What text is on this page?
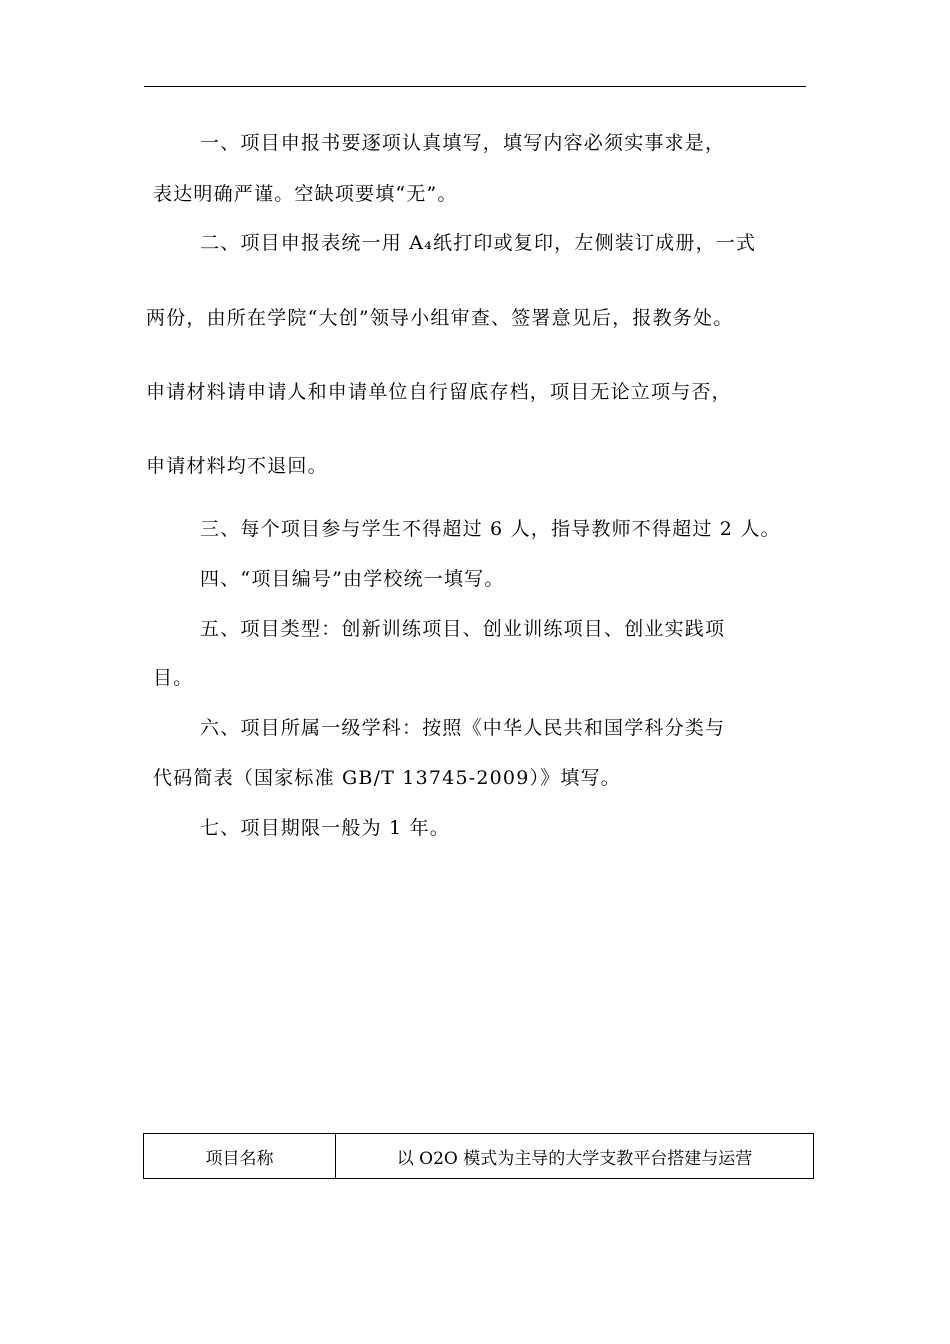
一、项目申报书要逐项认真填写，填写内容必须实事求是，
表达明确严谨。空缺项要填“无”。
二、项目申报表统一用 A₄纸打印或复印，左侧装订成册，一式
两份，由所在学院“大创”领导小组审查、签署意见后，报教务处。
申请材料请申请人和申请单位自行留底存档，项目无论立项与否，
申请材料均不退回。
三、每个项目参与学生不得超过 6 人，指导教师不得超过 2 人。
四、“项目编号”由学校统一填写。
五、项目类型：创新训练项目、创业训练项目、创业实践项
目。
六、项目所属一级学科：按照《中华人民共和国学科分类与
代码简表（国家标准 GB/T 13745-2009）》填写。
七、项目期限一般为 1 年。
项目名称	以 O2O 模式为主导的大学支教平台搭建与运营
